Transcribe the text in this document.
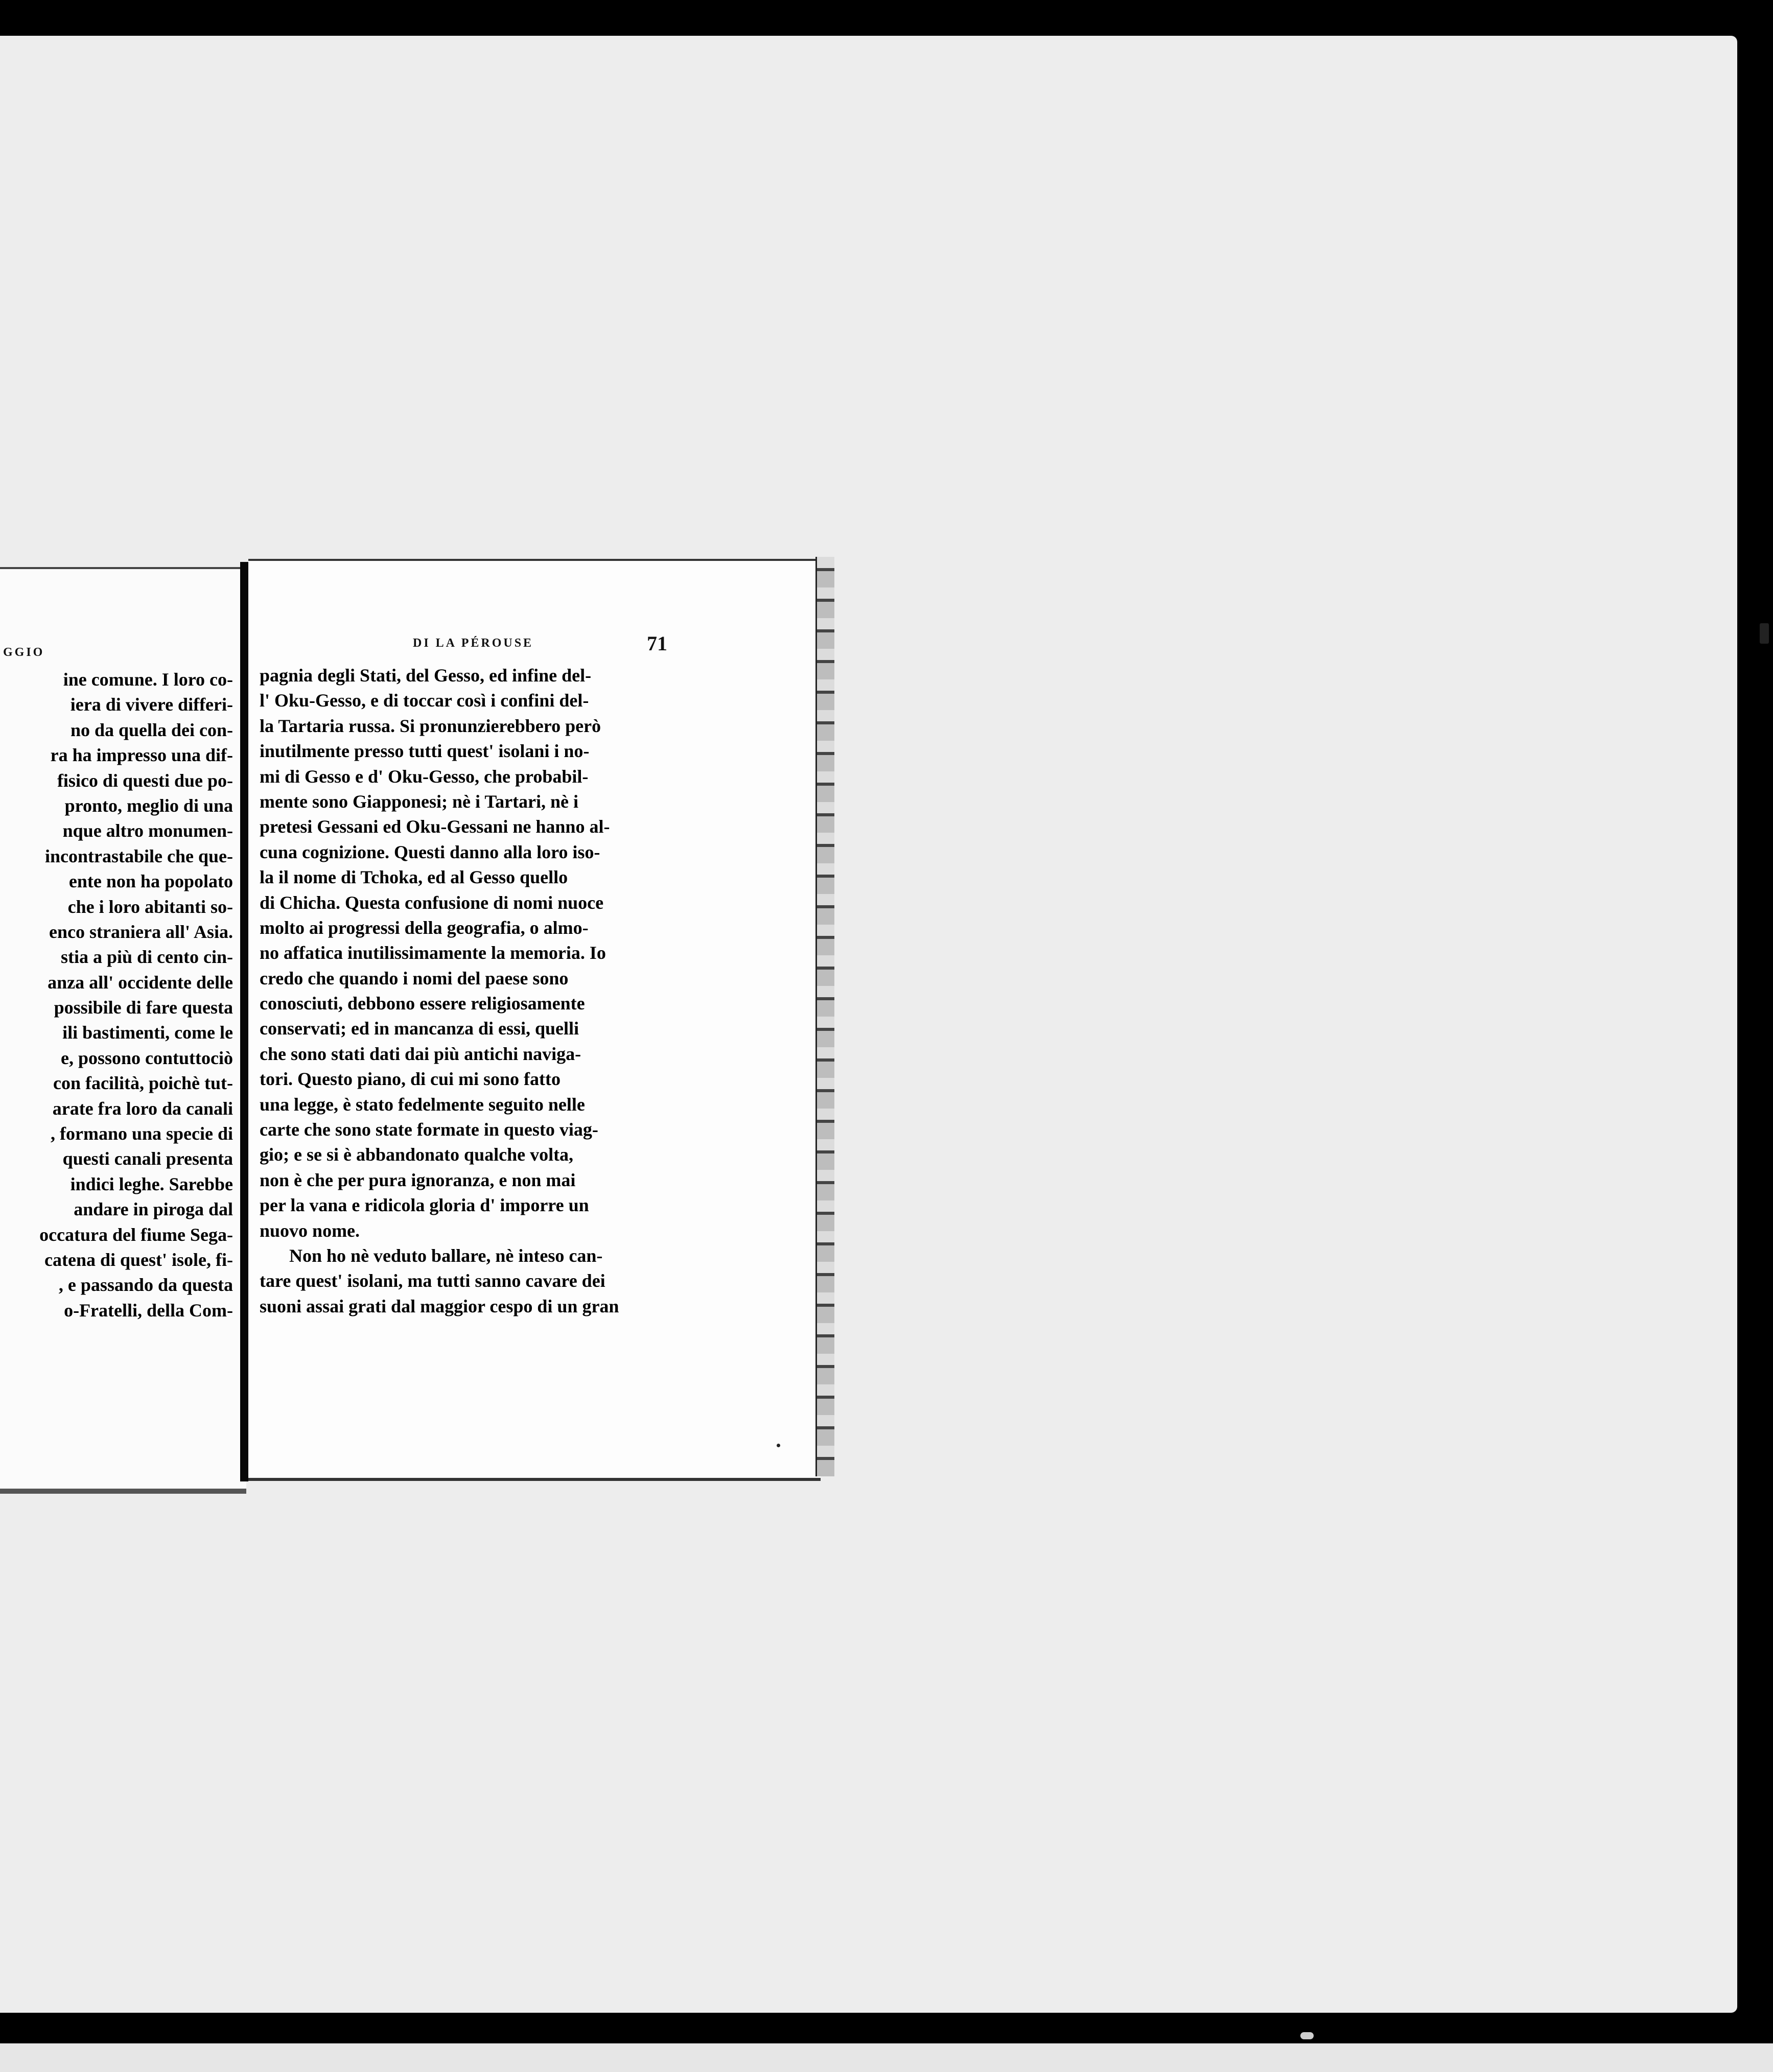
GGIO
ine comune. I loro co-
iera di vivere differi-
no da quella dei con-
ra ha impresso una dif-
fisico di questi due po-
pronto, meglio di una
nque altro monumen-
incontrastabile che que-
ente non ha popolato
che i loro abitanti so-
enco straniera all' Asia.
stia a più di cento cin-
anza all' occidente delle
possibile di fare questa
ili bastimenti, come le
e, possono contuttociò
con facilità, poichè tut-
arate fra loro da canali
, formano una specie di
questi canali presenta
indici leghe. Sarebbe
andare in piroga dal
occatura del fiume Sega-
catena di quest' isole, fi-
, e passando da questa
o-Fratelli, della Com-
DI LA PÉROUSE	71
pagnia degli Stati, del Gesso, ed infine del-
l' Oku-Gesso, e di toccar così i confini del-
la Tartaria russa. Si pronunzierebbero però
inutilmente presso tutti quest' isolani i no-
mi di Gesso e d' Oku-Gesso, che probabil-
mente sono Giapponesi; nè i Tartari, nè i
pretesi Gessani ed Oku-Gessani ne hanno al-
cuna cognizione. Questi danno alla loro iso-
la il nome di Tchoka, ed al Gesso quello
di Chicha. Questa confusione di nomi nuoce
molto ai progressi della geografia, o almo-
no affatica inutilissimamente la memoria. Io
credo che quando i nomi del paese sono
conosciuti, debbono essere religiosamente
conservati; ed in mancanza di essi, quelli
che sono stati dati dai più antichi naviga-
tori. Questo piano, di cui mi sono fatto
una legge, è stato fedelmente seguito nelle
carte che sono state formate in questo viag-
gio; e se si è abbandonato qualche volta,
non è che per pura ignoranza, e non mai
per la vana e ridicola gloria d' imporre un
nuovo nome.
Non ho nè veduto ballare, nè inteso can-
tare quest' isolani, ma tutti sanno cavare dei
suoni assai grati dal maggior cespo di un gran
